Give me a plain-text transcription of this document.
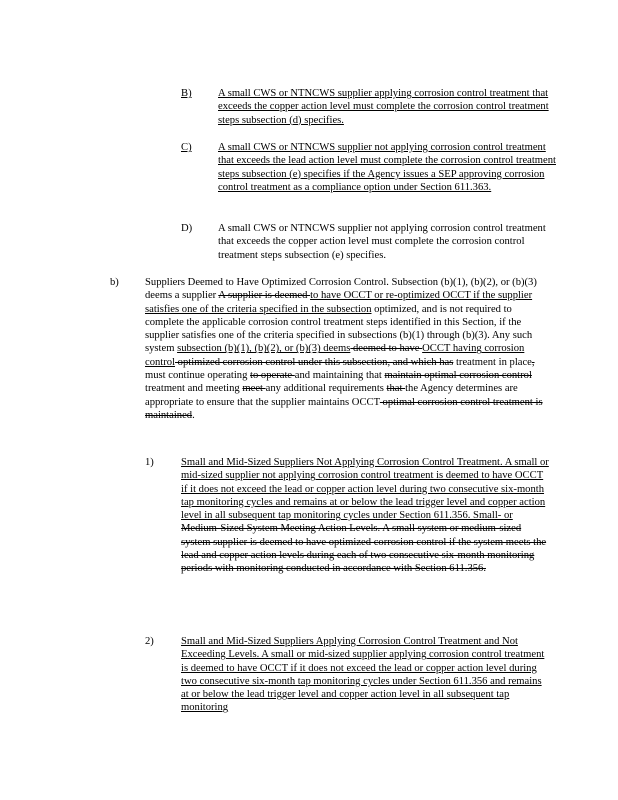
B) A small CWS or NTNCWS supplier applying corrosion control treatment that exceeds the copper action level must complete the corrosion control treatment steps subsection (d) specifies.
C) A small CWS or NTNCWS supplier not applying corrosion control treatment that exceeds the lead action level must complete the corrosion control treatment steps subsection (e) specifies if the Agency issues a SEP approving corrosion control treatment as a compliance option under Section 611.363.
D) A small CWS or NTNCWS supplier not applying corrosion control treatment that exceeds the copper action level must complete the corrosion control treatment steps subsection (e) specifies.
b) Suppliers Deemed to Have Optimized Corrosion Control. Subsection (b)(1), (b)(2), or (b)(3) deems a supplier A supplier is deemed to have OCCT or re-optimized OCCT if the supplier satisfies one of the criteria specified in the subsection optimized, and is not required to complete the applicable corrosion control treatment steps identified in this Section, if the supplier satisfies one of the criteria specified in subsections (b)(1) through (b)(3). Any such system subsection (b)(1), (b)(2), or (b)(3) deems deemed to have OCCT having corrosion control optimized corrosion control under this subsection, and which has treatment in place, must continue operating to operate and maintaining that maintain optimal corrosion control treatment and meeting meet any additional requirements that the Agency determines are appropriate to ensure that the supplier maintains OCCT optimal corrosion control treatment is maintained.
1)	Small and Mid-Sized Suppliers Not Applying Corrosion Control Treatment. A small or mid-sized supplier not applying corrosion control treatment is deemed to have OCCT if it does not exceed the lead or copper action level during two consecutive six-month tap monitoring cycles and remains at or below the lead trigger level and copper action level in all subsequent tap monitoring cycles under Section 611.356. Small- or Medium-Sized System Meeting Action Levels. A small system or medium-sized system supplier is deemed to have optimized corrosion control if the system meets the lead and copper action levels during each of two consecutive six-month monitoring periods with monitoring conducted in accordance with Section 611.356.
2)	Small and Mid-Sized Suppliers Applying Corrosion Control Treatment and Not Exceeding Levels. A small or mid-sized supplier applying corrosion control treatment is deemed to have OCCT if it does not exceed the lead or copper action level during two consecutive six-month tap monitoring cycles under Section 611.356 and remains at or below the lead trigger level and copper action level in all subsequent tap monitoring
